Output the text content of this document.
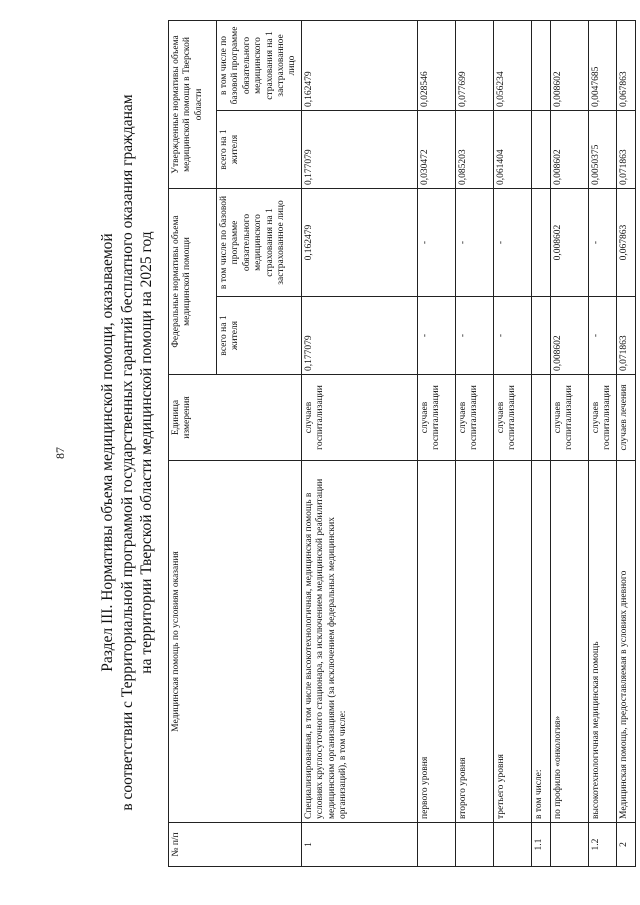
87 Раздел III. Нормативы объема медицинской помощи, оказываемой в соответствии с Территориальной программой государственных гарантий бесплатного оказания гражданам на территории Тверской области медицинской помощи на 2025 год
№ п/п	Медицинская помощь по условиям оказания	Единица измерения	Федеральные нормативы объема медицинской помощи		Утвержденные нормативы объема медицинской помощи в Тверской области	
			всего на 1 жителя	в том числе по базовой программе обязательного медицинского страхования на 1 застрахованное лицо	всего на 1 жителя	в том числе по базовой программе обязательного медицинского страхования на 1 застрахованное лицо
1	Специализированная, в том числе высокотехнологичная, медицинская помощь в условиях круглосуточного стационара, за исключением медицинской реабилитации медицинским организациями (за исключением федеральных медицинских организаций), в том числе:	случаев госпитализации	0,177079	0,162479	0,177079	0,162479
	первого уровня	случаев госпитализации	-	-	0,030472	0,028546
	второго уровня	случаев госпитализации	-	-	0,085203	0,077699
	третьего уровня	случаев госпитализации	-	-	0,061404	0,056234
1.1	в том числе:					
	по профилю «онкология»	случаев госпитализации	0,008602	0,008602	0,008602	0,008602
1.2	высокотехнологичная медицинская помощь	случаев госпитализации	-	-	0,0050375	0,0047685
2	Медицинская помощь, предоставляемая в условиях дневного	случаев лечения	0,071863	0,067863	0,071863	0,067863
